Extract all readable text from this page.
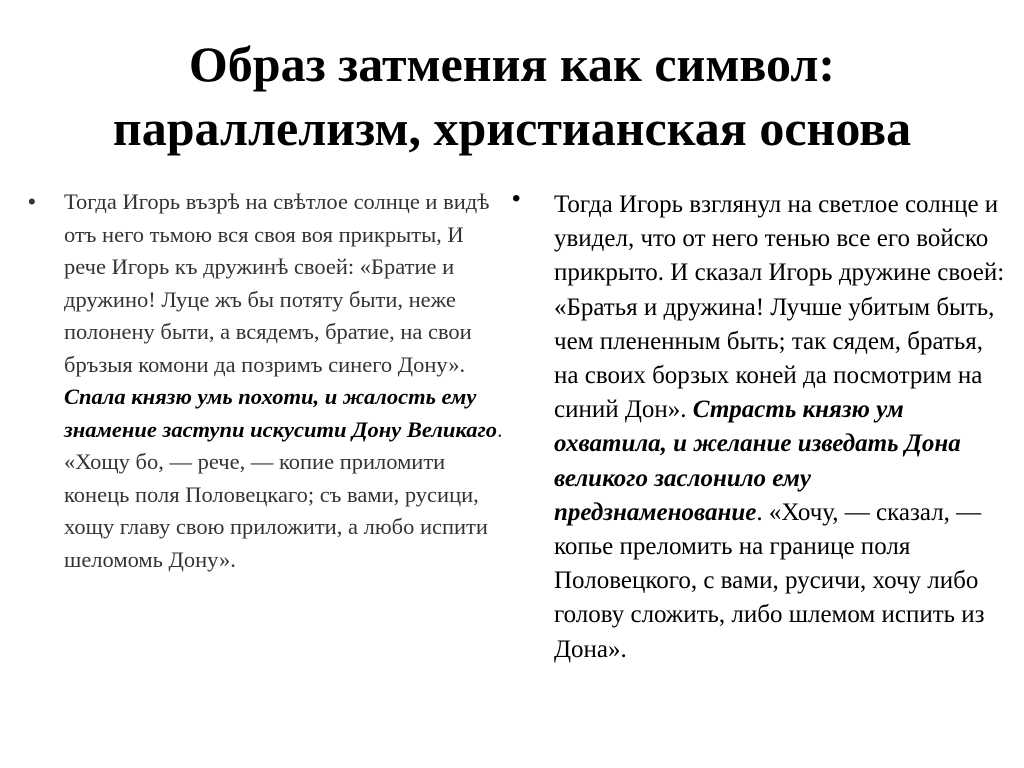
Образ затмения как символ:
параллелизм, христианская основа
• Тогда Игорь възрѣ на свѣтлое солнце и видѣ отъ него тьмою вся своя воя прикрыты, И рече Игорь къ дружинѣ своей: «Братие и дружино! Луце жъ бы потяту быти, неже полонену быти, а всядемъ, братие, на свои бръзыя комони да позримъ синего Дону». Спала князю умь похоти, и жалость ему знамение заступи искусити Дону Великаго. «Хощу бо, — рече, — копие приломити конець поля Половецкаго; съ вами, русици, хощу главу свою приложити, а любо испити шеломомь Дону».
• Тогда Игорь взглянул на светлое солнце и увидел, что от него тенью все его войско прикрыто. И сказал Игорь дружине своей: «Братья и дружина! Лучше убитым быть, чем плененным быть; так сядем, братья, на своих борзых коней да посмотрим на синий Дон». Страсть князю ум охватила, и желание изведать Дона великого заслонило ему предзнаменование. «Хочу, — сказал, — копье преломить на границе поля Половецкого, с вами, русичи, хочу либо голову сложить, либо шлемом испить из Дона».
